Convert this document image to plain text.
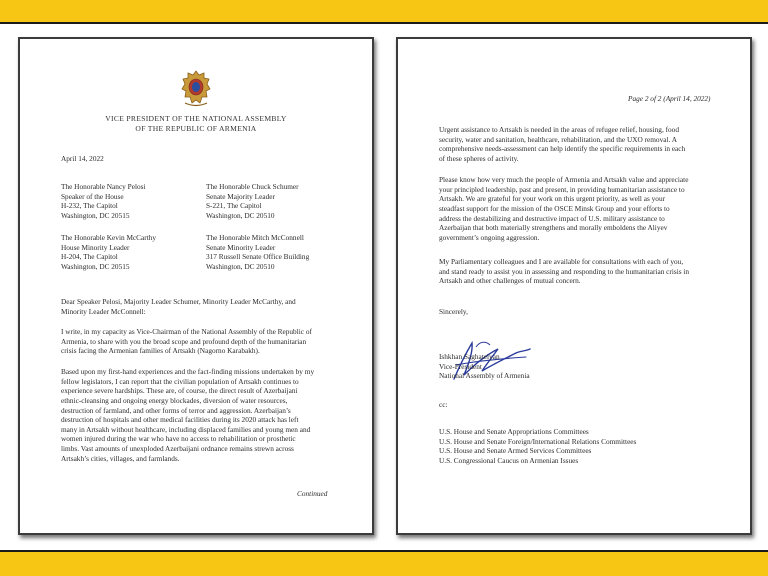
VICE PRESIDENT OF THE NATIONAL ASSEMBLY
OF THE REPUBLIC OF ARMENIA
April 14, 2022
The Honorable Nancy Pelosi
Speaker of the House
H-232, The Capitol
Washington, DC 20515
The Honorable Chuck Schumer
Senate Majority Leader
S-221, The Capitol
Washington, DC 20510
The Honorable Kevin McCarthy
House Minority Leader
H-204, The Capitol
Washington, DC 20515
The Honorable Mitch McConnell
Senate Minority Leader
317 Russell Senate Office Building
Washington, DC 20510
Dear Speaker Pelosi, Majority Leader Schumer, Minority Leader McCarthy, and
Minority Leader McConnell:
I write, in my capacity as Vice-Chairman of the National Assembly of the Republic of
Armenia, to share with you the broad scope and profound depth of the humanitarian
crisis facing the Armenian families of Artsakh (Nagorno Karabakh).
Based upon my first-hand experiences and the fact-finding missions undertaken by my
fellow legislators, I can report that the civilian population of Artsakh continues to
experience severe hardships. These are, of course, the direct result of Azerbaijani
ethnic-cleansing and ongoing energy blockades, diversion of water resources,
destruction of farmland, and other forms of terror and aggression. Azerbaijan’s
destruction of hospitals and other medical facilities during its 2020 attack has left
many in Artsakh without healthcare, including displaced families and young men and
women injured during the war who have no access to rehabilitation or prosthetic
limbs. Vast amounts of unexploded Azerbaijani ordnance remains strewn across
Artsakh’s cities, villages, and farmlands.
Continued
Page 2 of 2 (April 14, 2022)
Urgent assistance to Artsakh is needed in the areas of refugee relief, housing, food
security, water and sanitation, healthcare, rehabilitation, and the UXO removal. A
comprehensive needs-assessment can help identify the specific requirements in each
of these spheres of activity.
Please know how very much the people of Armenia and Artsakh value and appreciate
your principled leadership, past and present, in providing humanitarian assistance to
Artsakh. We are grateful for your work on this urgent priority, as well as your
steadfast support for the mission of the OSCE Minsk Group and your efforts to
address the destabilizing and destructive impact of U.S. military assistance to
Azerbaijan that both materially strengthens and morally emboldens the Aliyev
government’s ongoing aggression.
My Parliamentary colleagues and I are available for consultations with each of you,
and stand ready to assist you in assessing and responding to the humanitarian crisis in
Artsakh and other challenges of mutual concern.
Sincerely,
Ishkhan Saghatelyan
Vice-President
National Assembly of Armenia
cc:
U.S. House and Senate Appropriations Committees
U.S. House and Senate Foreign/International Relations Committees
U.S. House and Senate Armed Services Committees
U.S. Congressional Caucus on Armenian Issues
